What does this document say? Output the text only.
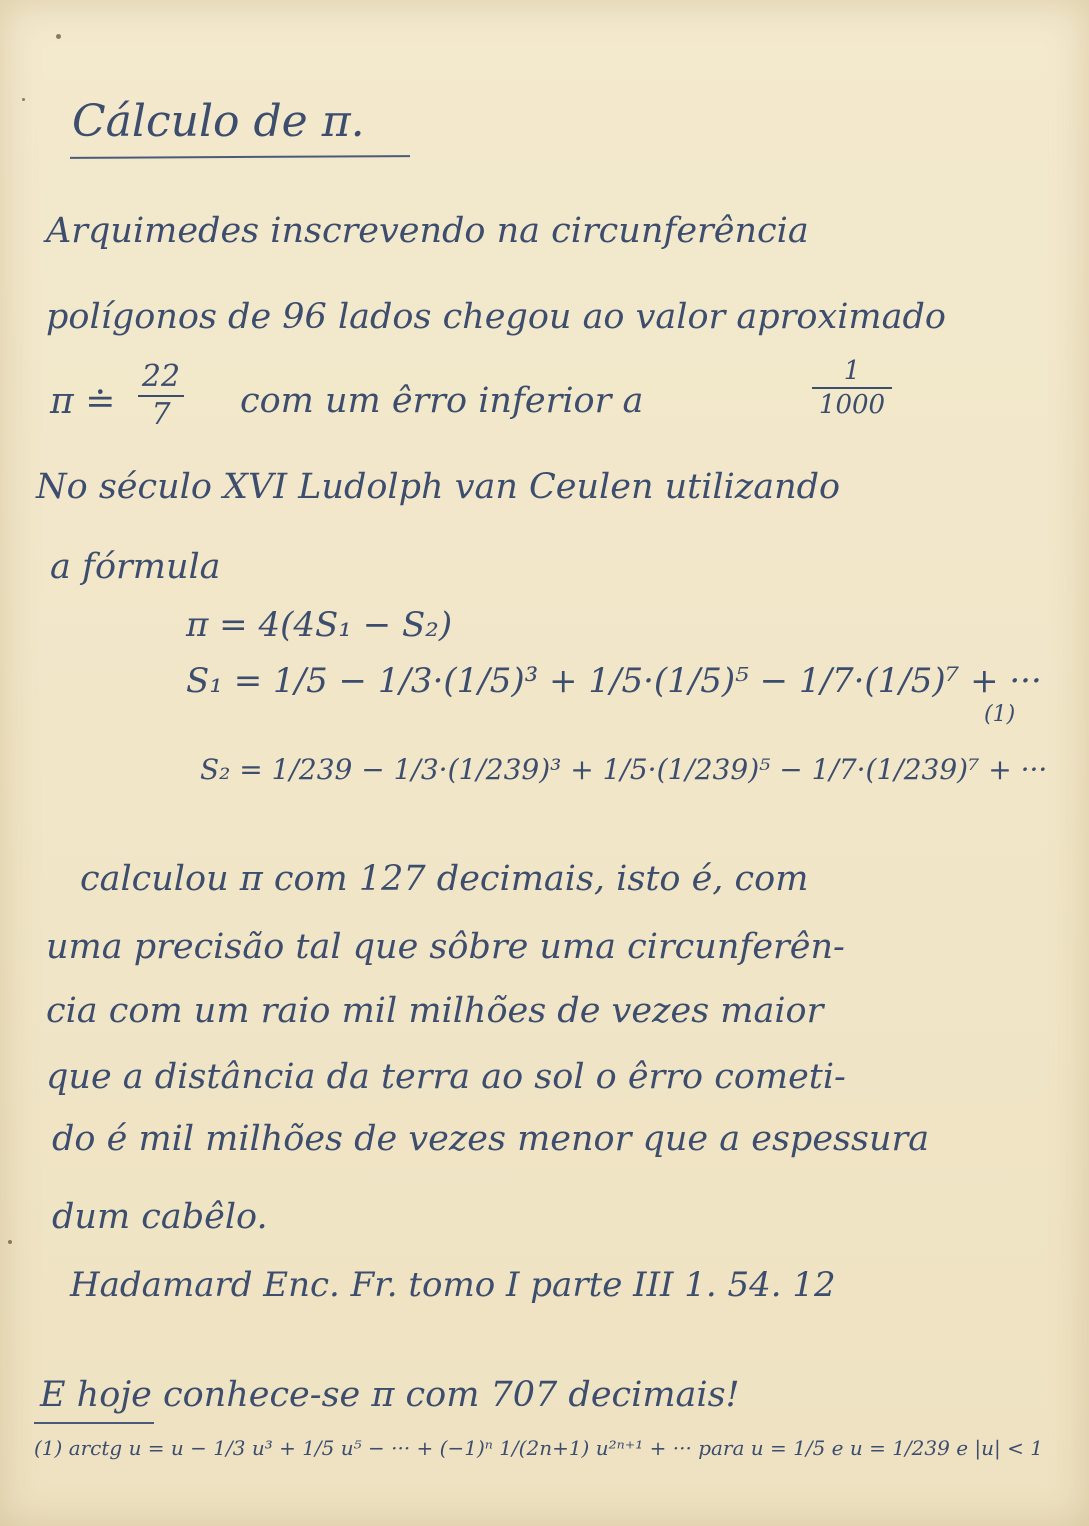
Cálculo de π.
Arquimedes inscrevendo na circunferência
polígonos de 96 lados chegou ao valor aproximado
π ≐
22
7	com um êrro inferior a
1
1000
No século XVI Ludolph van Ceulen utilizando
a fórmula
π = 4(4S₁ − S₂)
S₁ = 1/5 − 1/3·(1/5)³ + 1/5·(1/5)⁵ − 1/7·(1/5)⁷ + ···
(1)
S₂ = 1/239 − 1/3·(1/239)³ + 1/5·(1/239)⁵ − 1/7·(1/239)⁷ + ···
calculou π com 127 decimais, isto é, com
uma precisão tal que sôbre uma circunferên-
cia com um raio mil milhões de vezes maior
que a distância da terra ao sol o êrro cometi-
do é mil milhões de vezes menor que a espessura
dum cabêlo.
Hadamard Enc. Fr. tomo I parte III 1. 54. 12
E hoje conhece-se π com 707 decimais!
(1) arctg u = u − 1/3 u³ + 1/5 u⁵ − ··· + (−1)ⁿ 1/(2n+1) u²ⁿ⁺¹ + ··· para u = 1/5 e u = 1/239 e |u| < 1
